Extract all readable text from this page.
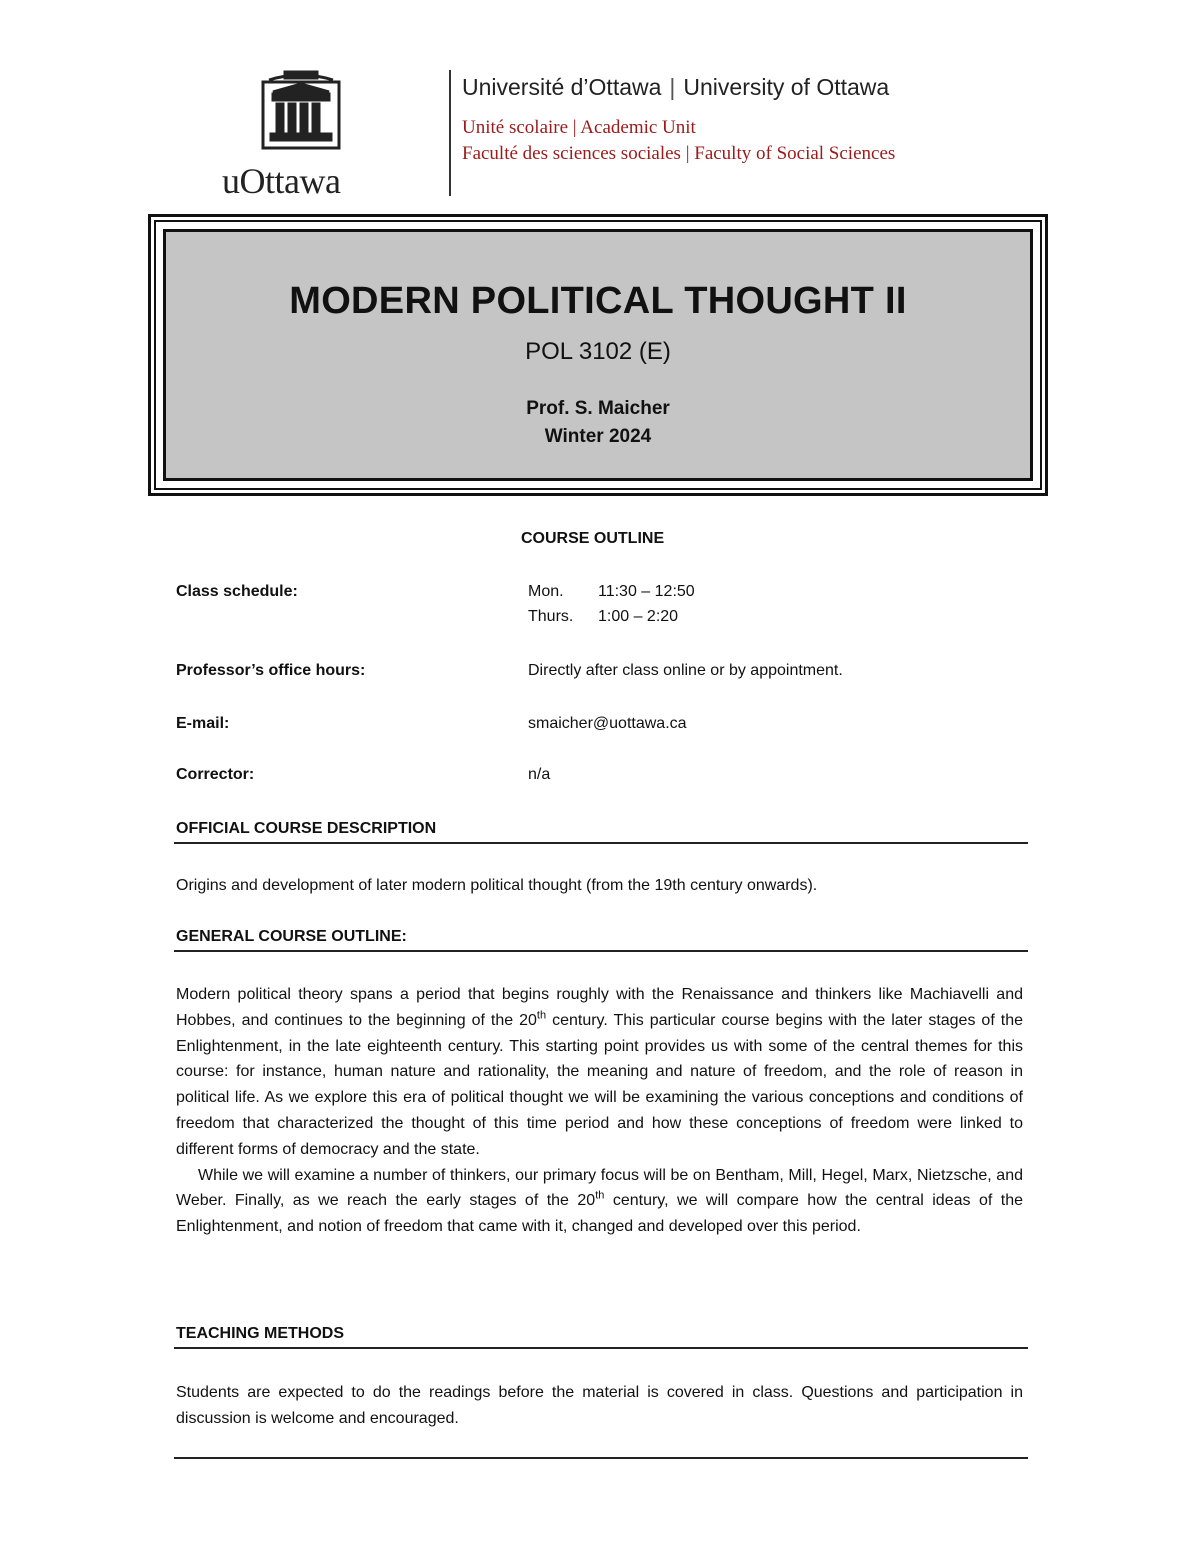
uOttawa
Université d’Ottawa | University of Ottawa
Unité scolaire | Academic Unit
Faculté des sciences sociales | Faculty of Social Sciences
MODERN POLITICAL THOUGHT II
POL 3102 (E)
Prof. S. Maicher
Winter 2024
COURSE OUTLINE
Class schedule:	Mon. 11:30 – 12:50
Thurs. 1:00 – 2:20
Professor’s office hours:	Directly after class online or by appointment.
E-mail:	smaicher@uottawa.ca
Corrector:	n/a
OFFICIAL COURSE DESCRIPTION
Origins and development of later modern political thought (from the 19th century onwards).
GENERAL COURSE OUTLINE:
Modern political theory spans a period that begins roughly with the Renaissance and thinkers like Machiavelli and Hobbes, and continues to the beginning of the 20th century. This particular course begins with the later stages of the Enlightenment, in the late eighteenth century. This starting point provides us with some of the central themes for this course: for instance, human nature and rationality, the meaning and nature of freedom, and the role of reason in political life. As we explore this era of political thought we will be examining the various conceptions and conditions of freedom that characterized the thought of this time period and how these conceptions of freedom were linked to different forms of democracy and the state.
While we will examine a number of thinkers, our primary focus will be on Bentham, Mill, Hegel, Marx, Nietzsche, and Weber. Finally, as we reach the early stages of the 20th century, we will compare how the central ideas of the Enlightenment, and notion of freedom that came with it, changed and developed over this period.
TEACHING METHODS
Students are expected to do the readings before the material is covered in class. Questions and participation in discussion is welcome and encouraged.
